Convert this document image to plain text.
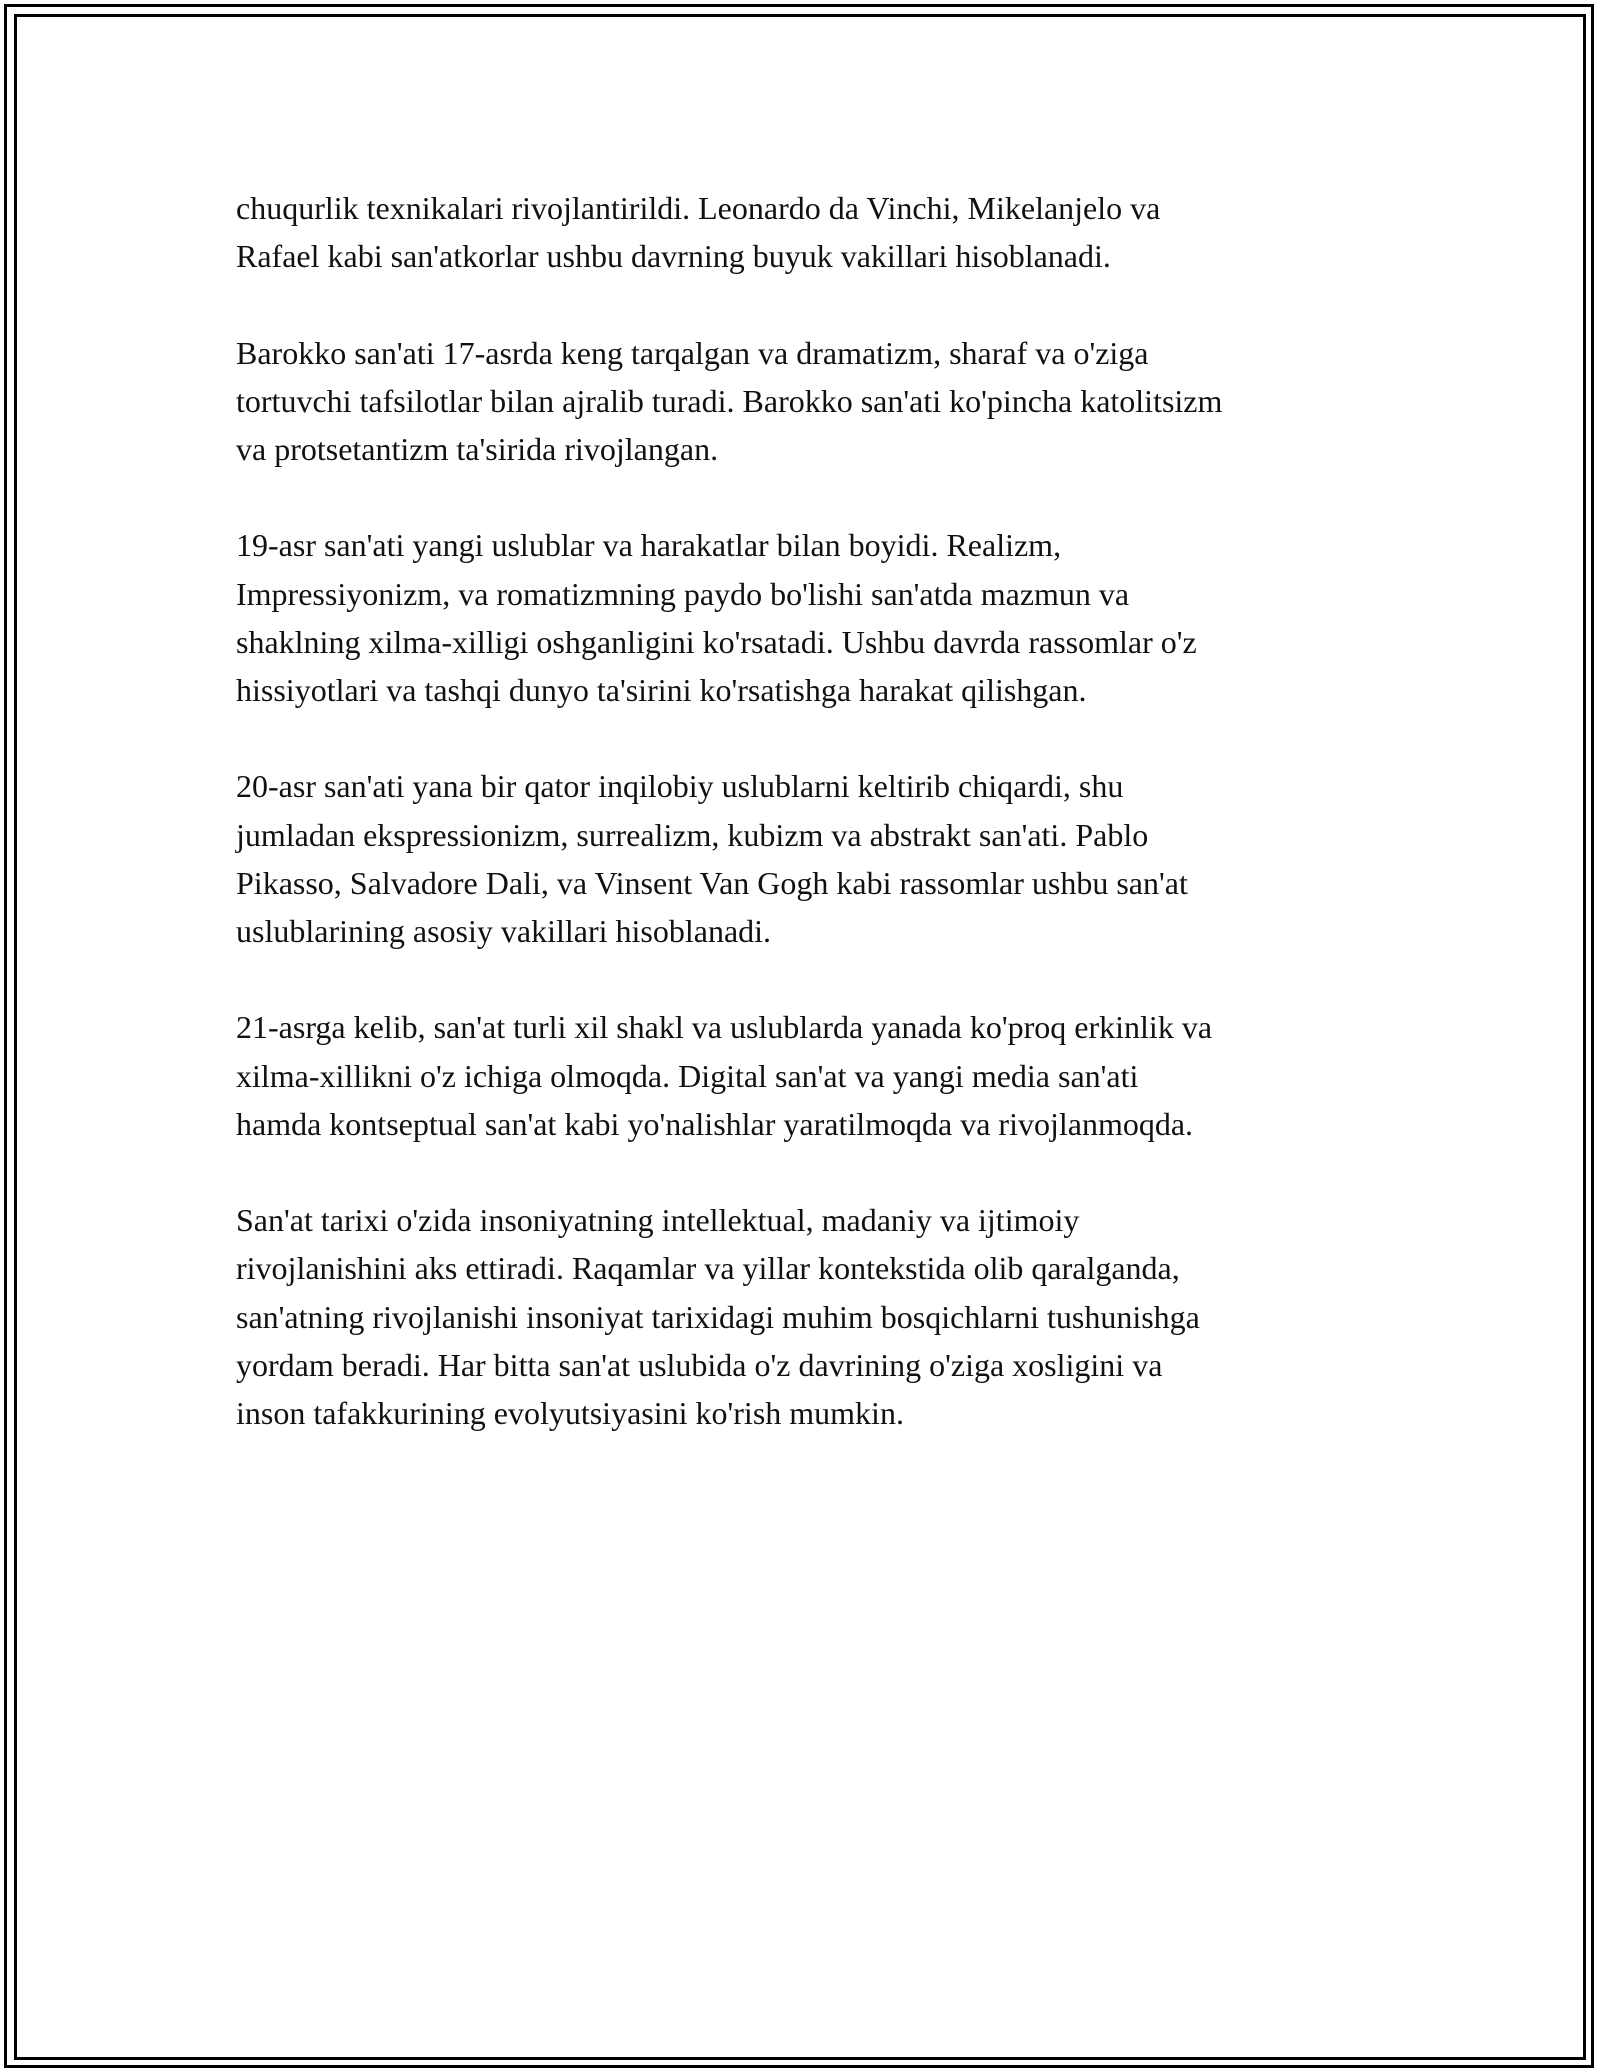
chuqurlik texnikalari rivojlantirildi. Leonardo da Vinchi, Mikelanjelo va
Rafael kabi san'atkorlar ushbu davrning buyuk vakillari hisoblanadi.

Barokko san'ati 17-asrda keng tarqalgan va dramatizm, sharaf va o'ziga
tortuvchi tafsilotlar bilan ajralib turadi. Barokko san'ati ko'pincha katolitsizm
va protsetantizm ta'sirida rivojlangan.

19-asr san'ati yangi uslublar va harakatlar bilan boyidi. Realizm,
Impressiyonizm, va romatizmning paydo bo'lishi san'atda mazmun va
shaklning xilma-xilligi oshganligini ko'rsatadi. Ushbu davrda rassomlar o'z
hissiyotlari va tashqi dunyo ta'sirini ko'rsatishga harakat qilishgan.

20-asr san'ati yana bir qator inqilobiy uslublarni keltirib chiqardi, shu
jumladan ekspressionizm, surrealizm, kubizm va abstrakt san'ati. Pablo
Pikasso, Salvadore Dali, va Vinsent Van Gogh kabi rassomlar ushbu san'at
uslublarining asosiy vakillari hisoblanadi.

21-asrga kelib, san'at turli xil shakl va uslublarda yanada ko'proq erkinlik va
xilma-xillikni o'z ichiga olmoqda. Digital san'at va yangi media san'ati
hamda kontseptual san'at kabi yo'nalishlar yaratilmoqda va rivojlanmoqda.

San'at tarixi o'zida insoniyatning intellektual, madaniy va ijtimoiy
rivojlanishini aks ettiradi. Raqamlar va yillar kontekstida olib qaralganda,
san'atning rivojlanishi insoniyat tarixidagi muhim bosqichlarni tushunishga
yordam beradi. Har bitta san'at uslubida o'z davrining o'ziga xosligini va
inson tafakkurining evolyutsiyasini ko'rish mumkin.
